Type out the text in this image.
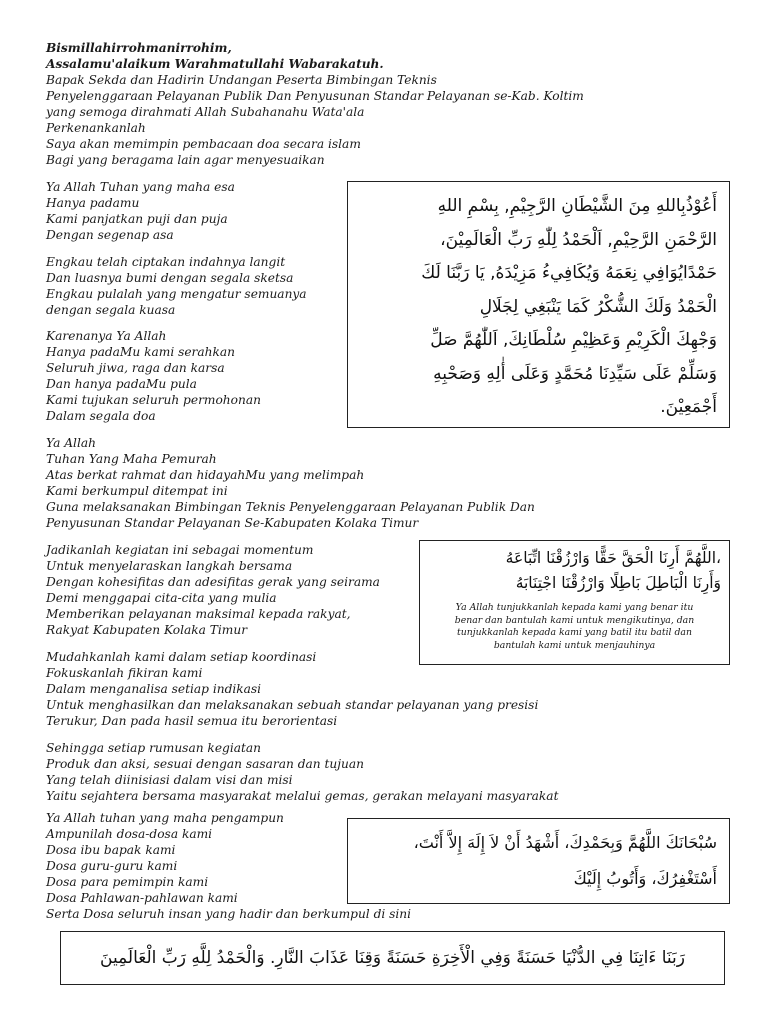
Bismillahirrohmanirrohim,
Assalamu'alaikum Warahmatullahi Wabarakatuh.
Bapak Sekda dan Hadirin Undangan Peserta Bimbingan Teknis
Penyelenggaraan Pelayanan Publik Dan Penyusunan Standar Pelayanan se-Kab. Koltim
yang semoga dirahmati Allah Subahanahu Wata'ala
Perkenankanlah
Saya akan memimpin pembacaan doa secara islam
Bagi yang beragama lain agar menyesuaikan
Ya Allah Tuhan yang maha esa
Hanya padamu
Kami panjatkan puji dan puja
Dengan segenap asa
Engkau telah ciptakan indahnya langit
Dan luasnya bumi dengan segala sketsa
Engkau pulalah yang mengatur semuanya
dengan segala kuasa
Karenanya Ya Allah
Hanya padaMu kami serahkan
Seluruh jiwa, raga dan karsa
Dan hanya padaMu pula
Kami tujukan seluruh permohonan
Dalam segala doa
Ya Allah
Tuhan Yang Maha Pemurah
Atas berkat rahmat dan hidayahMu yang melimpah
Kami berkumpul ditempat ini
Guna melaksanakan Bimbingan Teknis Penyelenggaraan Pelayanan Publik Dan
Penyusunan Standar Pelayanan Se-Kabupaten Kolaka Timur
Jadikanlah kegiatan ini sebagai momentum
Untuk menyelaraskan langkah bersama
Dengan kohesifitas dan adesifitas gerak yang seirama
Demi menggapai cita-cita yang mulia
Memberikan pelayanan maksimal kepada rakyat,
Rakyat Kabupaten Kolaka Timur
Mudahkanlah kami dalam setiap koordinasi
Fokuskanlah fikiran kami
Dalam menganalisa setiap indikasi
Untuk menghasilkan dan melaksanakan sebuah standar pelayanan yang presisi
Terukur, Dan pada hasil semua itu berorientasi
Sehingga setiap rumusan kegiatan
Produk dan aksi, sesuai dengan sasaran dan tujuan
Yang telah diinisiasi dalam visi dan misi
Yaitu sejahtera bersama masyarakat melalui gemas, gerakan melayani masyarakat
Ya Allah tuhan yang maha pengampun
Ampunilah dosa-dosa kami
Dosa ibu bapak kami
Dosa guru-guru kami
Dosa para pemimpin kami
Dosa Pahlawan-pahlawan kami
Serta Dosa seluruh insan yang hadir dan berkumpul di sini
أَعُوْذُبِاللهِ مِنَ الشَّيْطَانِ الرَّجِيْمِ, بِسْمِ اللهِ
الرَّحْمَنِ الرَّحِيْمِ, اَلْحَمْدُ لِلّٰهِ رَبِّ الْعَالَمِيْنَ،
حَمْدًايُوَافِي نِعَمَهُ وَيُكَافِيءُ مَزِيْدَهُ, يَا رَبَّنَا لَكَ
الْحَمْدُ وَلَكَ الشُّكْرُ كَمَا يَنْبَغِي لِجَلَالِ
وَجْهِكَ الْكَرِيْمِ وَعَظِيْمِ سُلْطَانِكَ, اَللّٰهُمَّ صَلِّ
وَسَلِّمْ عَلَى سَيِّدِنَا مُحَمَّدٍ وَعَلَى أٰلِهِ وَصَحْبِهِ
أَجْمَعِيْنَ.
،اللَّهُمَّ أَرِنَا الْحَقَّ حَقًّا وَارْزُقْنَا اتِّبَاعَهُ
وَأَرِنَا الْبَاطِلَ بَاطِلًا وَارْزُقْنَا اجْتِنَابَهُ
Ya Allah tunjukkanlah kepada kami yang benar itu
benar dan bantulah kami untuk mengikutinya, dan
tunjukkanlah kepada kami yang batil itu batil dan
bantulah kami untuk menjauhinya
سُبْحَانَكَ اللَّهُمَّ وَبِحَمْدِكَ، أَشْهَدُ أَنْ لاَ إِلَهَ إِلاَّ أَنْتَ،
أَسْتَغْفِرُكَ، وَأَتُوبُ إِلَيْكَ
رَبَنَا ءَاتِنَا فِي الدُّنْيَا حَسَنَةً وَفِي الْأَخِرَةِ حَسَنَةً وَقِنَا عَذَابَ النَّارِ. وَالْحَمْدُ لِلَّهِ رَبِّ الْعَالَمِينَ
